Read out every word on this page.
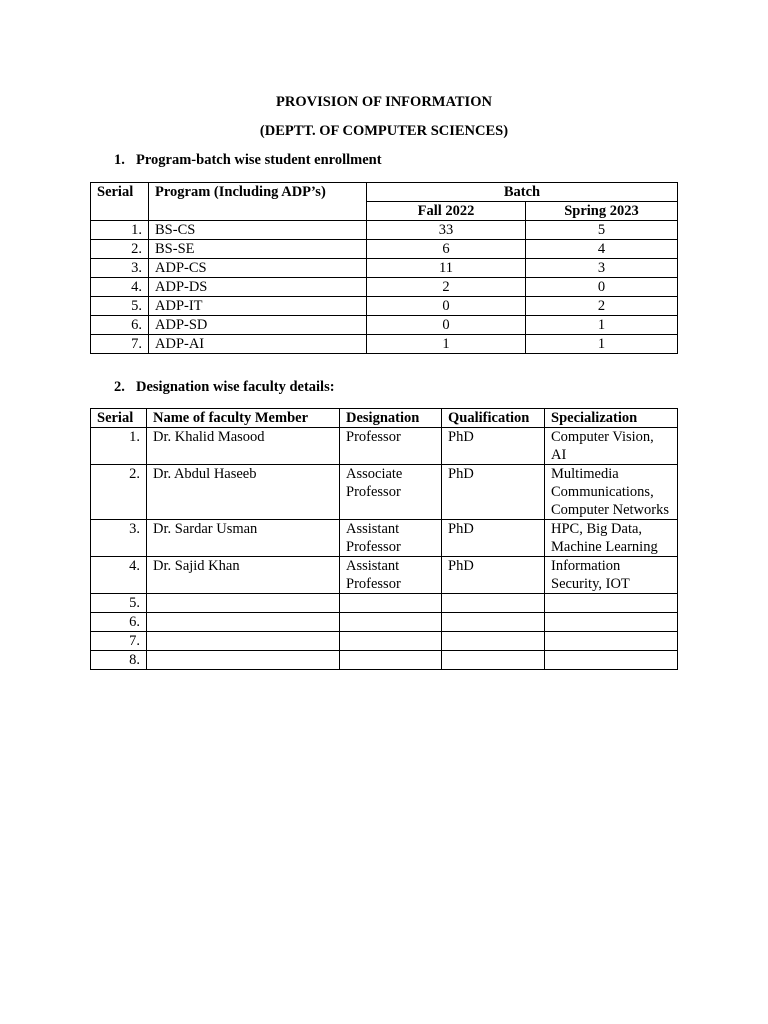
PROVISION OF INFORMATION
(DEPTT. OF COMPUTER SCIENCES)
1. Program-batch wise student enrollment
Serial	Program (Including ADP’s)	Batch	
		Fall 2022	Spring 2023
1.	BS-CS	33	5
2.	BS-SE	6	4
3.	ADP-CS	11	3
4.	ADP-DS	2	0
5.	ADP-IT	0	2
6.	ADP-SD	0	1
7.	ADP-AI	1	1
2. Designation wise faculty details:
Serial	Name of faculty Member	Designation	Qualification	Specialization
1.	Dr. Khalid Masood	Professor	PhD	Computer Vision, AI
2.	Dr. Abdul Haseeb	Associate Professor	PhD	Multimedia Communications, Computer Networks
3.	Dr. Sardar Usman	Assistant Professor	PhD	HPC, Big Data, Machine Learning
4.	Dr. Sajid Khan	Assistant Professor	PhD	Information Security, IOT
5.				
6.				
7.				
8.				
